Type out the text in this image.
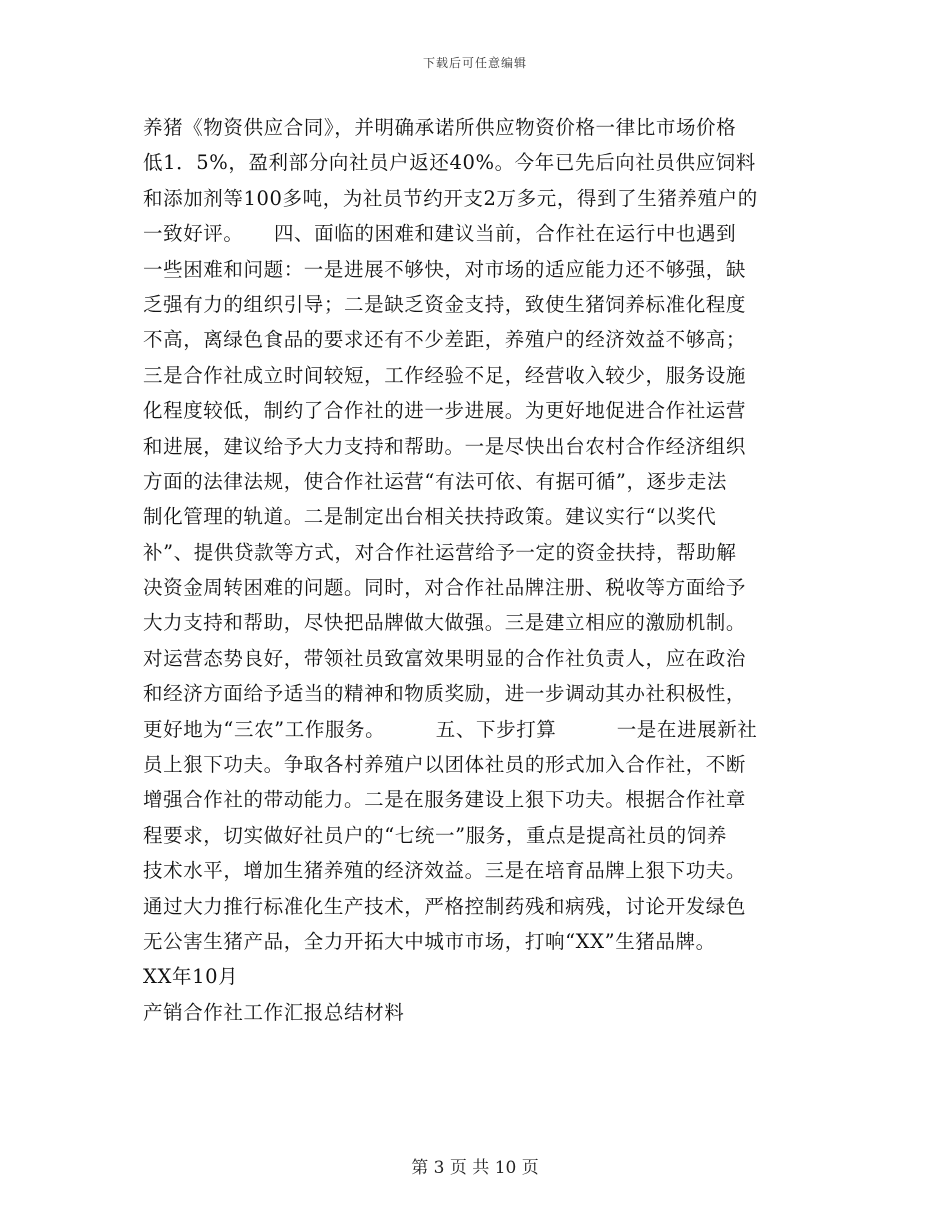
下载后可任意编辑
养猪《物资供应合同》，并明确承诺所供应物资价格一律比市场价格
低1．5%，盈利部分向社员户返还40%。今年已先后向社员供应饲料
和添加剂等100多吨，为社员节约开支2万多元，得到了生猪养殖户的
一致好评。　　四、面临的困难和建议当前，合作社在运行中也遇到
一些困难和问题：一是进展不够快，对市场的适应能力还不够强，缺
乏强有力的组织引导；二是缺乏资金支持，致使生猪饲养标准化程度
不高，离绿色食品的要求还有不少差距，养殖户的经济效益不够高；
三是合作社成立时间较短，工作经验不足，经营收入较少，服务设施
化程度较低，制约了合作社的进一步进展。为更好地促进合作社运营
和进展，建议给予大力支持和帮助。一是尽快出台农村合作经济组织
方面的法律法规，使合作社运营“有法可依、有据可循”，逐步走法
制化管理的轨道。二是制定出台相关扶持政策。建议实行“以奖代
补”、提供贷款等方式，对合作社运营给予一定的资金扶持，帮助解
决资金周转困难的问题。同时，对合作社品牌注册、税收等方面给予
大力支持和帮助，尽快把品牌做大做强。三是建立相应的激励机制。
对运营态势良好，带领社员致富效果明显的合作社负责人，应在政治
和经济方面给予适当的精神和物质奖励，进一步调动其办社积极性，
更好地为“三农”工作服务。　　　五、下步打算　　　一是在进展新社
员上狠下功夫。争取各村养殖户以团体社员的形式加入合作社，不断
增强合作社的带动能力。二是在服务建设上狠下功夫。根据合作社章
程要求，切实做好社员户的“七统一”服务，重点是提高社员的饲养
技术水平，增加生猪养殖的经济效益。三是在培育品牌上狠下功夫。
通过大力推行标准化生产技术，严格控制药残和病残，讨论开发绿色
无公害生猪产品，全力开拓大中城市市场，打响“XX”生猪品牌。
XX年10月
产销合作社工作汇报总结材料
第 3 页 共 10 页
